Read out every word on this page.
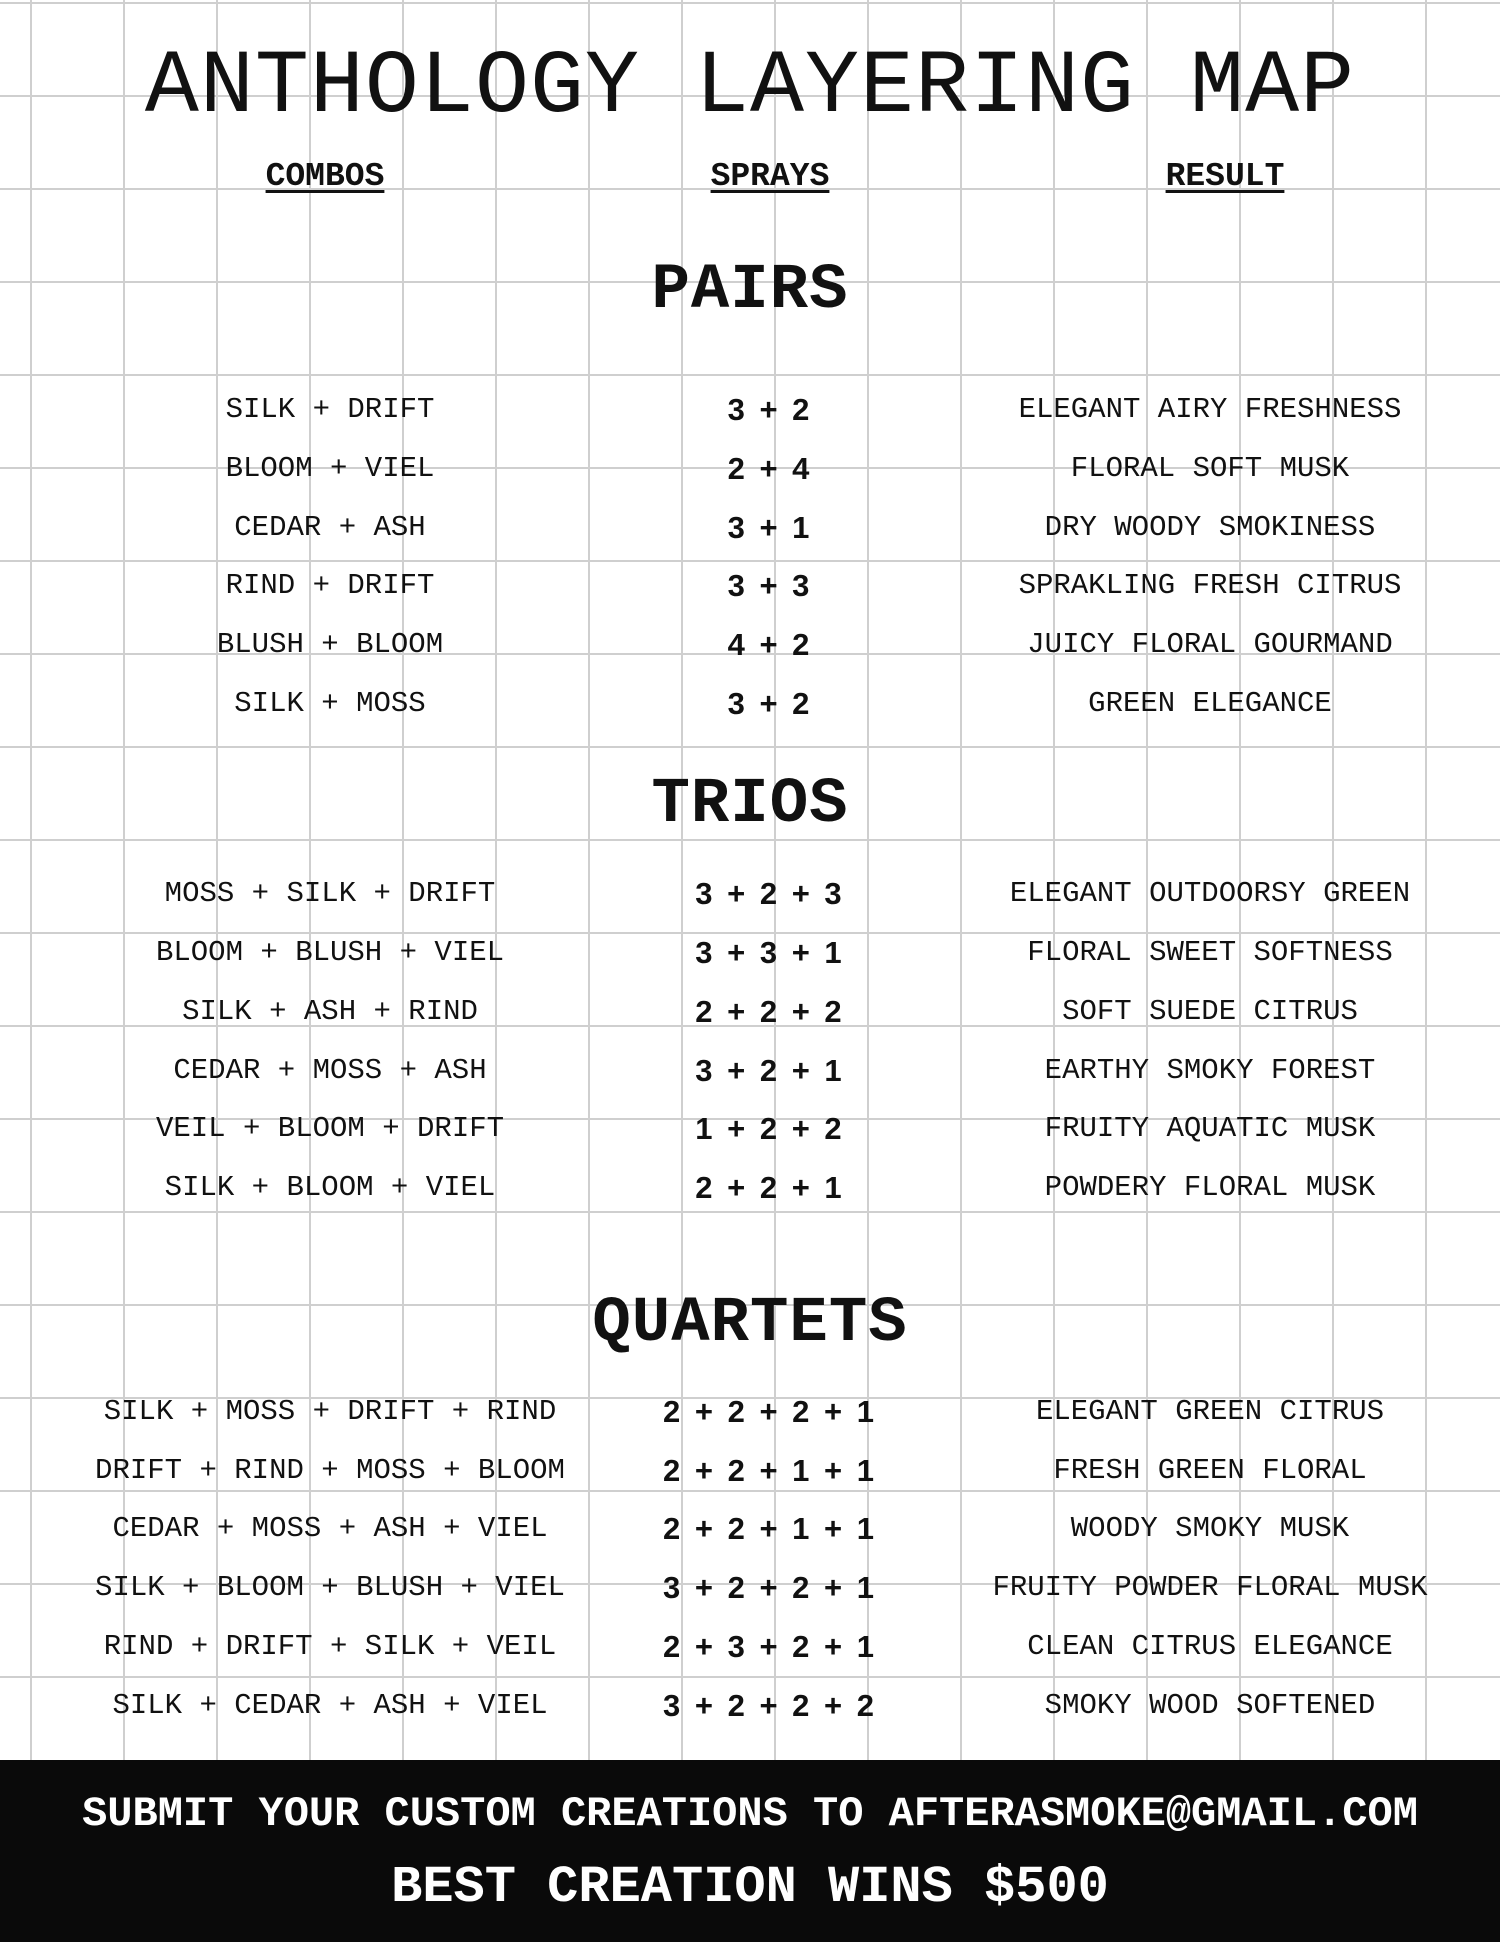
ANTHOLOGY LAYERING MAP
COMBOS	SPRAYS	RESULT
PAIRS
SILK + DRIFT	3 + 2	ELEGANT AIRY FRESHNESS
BLOOM + VIEL	2 + 4	FLORAL SOFT MUSK
CEDAR + ASH	3 + 1	DRY WOODY SMOKINESS
RIND + DRIFT	3 + 3	SPRAKLING FRESH CITRUS
BLUSH + BLOOM	4 + 2	JUICY FLORAL GOURMAND
SILK + MOSS	3 + 2	GREEN ELEGANCE
TRIOS
MOSS + SILK + DRIFT	3 + 2 + 3	ELEGANT OUTDOORSY GREEN
BLOOM + BLUSH + VIEL	3 + 3 + 1	FLORAL SWEET SOFTNESS
SILK + ASH + RIND	2 + 2 + 2	SOFT SUEDE CITRUS
CEDAR + MOSS + ASH	3 + 2 + 1	EARTHY SMOKY FOREST
VEIL + BLOOM + DRIFT	1 + 2 + 2	FRUITY AQUATIC MUSK
SILK + BLOOM + VIEL	2 + 2 + 1	POWDERY FLORAL MUSK
QUARTETS
SILK + MOSS + DRIFT + RIND	2 + 2 + 2 + 1	ELEGANT GREEN CITRUS
DRIFT + RIND + MOSS + BLOOM	2 + 2 + 1 + 1	FRESH GREEN FLORAL
CEDAR + MOSS + ASH + VIEL	2 + 2 + 1 + 1	WOODY SMOKY MUSK
SILK + BLOOM + BLUSH + VIEL	3 + 2 + 2 + 1	FRUITY POWDER FLORAL MUSK
RIND + DRIFT + SILK + VEIL	2 + 3 + 2 + 1	CLEAN CITRUS ELEGANCE
SILK + CEDAR + ASH + VIEL	3 + 2 + 2 + 2	SMOKY WOOD SOFTENED
SUBMIT YOUR CUSTOM CREATIONS TO AFTERASMOKE@GMAIL.COM
BEST CREATION WINS $500
